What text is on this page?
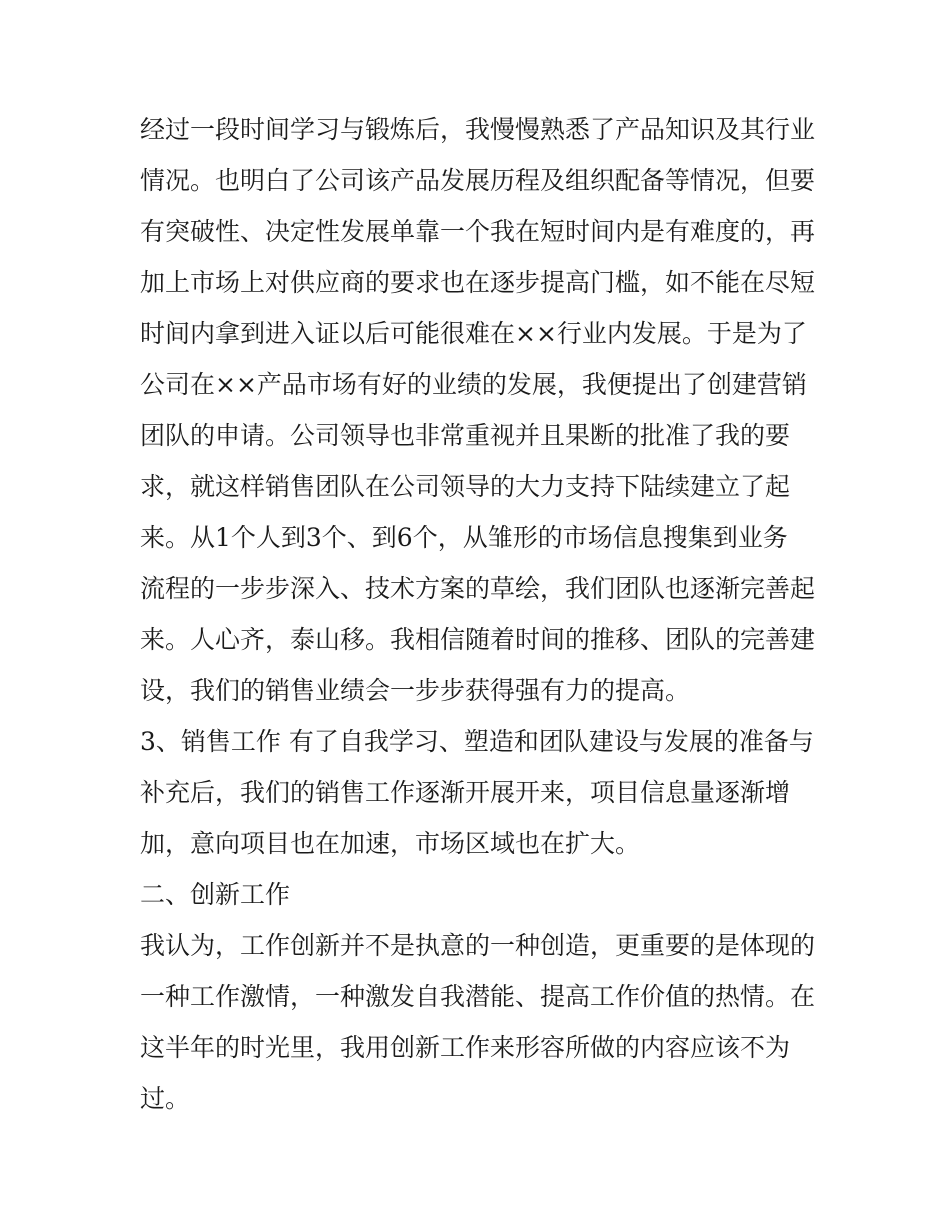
经过一段时间学习与锻炼后，我慢慢熟悉了产品知识及其行业
情况。也明白了公司该产品发展历程及组织配备等情况，但要
有突破性、决定性发展单靠一个我在短时间内是有难度的，再
加上市场上对供应商的要求也在逐步提高门槛，如不能在尽短
时间内拿到进入证以后可能很难在××行业内发展。于是为了
公司在××产品市场有好的业绩的发展，我便提出了创建营销
团队的申请。公司领导也非常重视并且果断的批准了我的要
求，就这样销售团队在公司领导的大力支持下陆续建立了起
来。从1个人到3个、到6个，从雏形的市场信息搜集到业务
流程的一步步深入、技术方案的草绘，我们团队也逐渐完善起
来。人心齐，泰山移。我相信随着时间的推移、团队的完善建
设，我们的销售业绩会一步步获得强有力的提高。
3、销售工作 有了自我学习、塑造和团队建设与发展的准备与
补充后，我们的销售工作逐渐开展开来，项目信息量逐渐增
加，意向项目也在加速，市场区域也在扩大。
二、创新工作
我认为，工作创新并不是执意的一种创造，更重要的是体现的
一种工作激情，一种激发自我潜能、提高工作价值的热情。在
这半年的时光里，我用创新工作来形容所做的内容应该不为
过。
